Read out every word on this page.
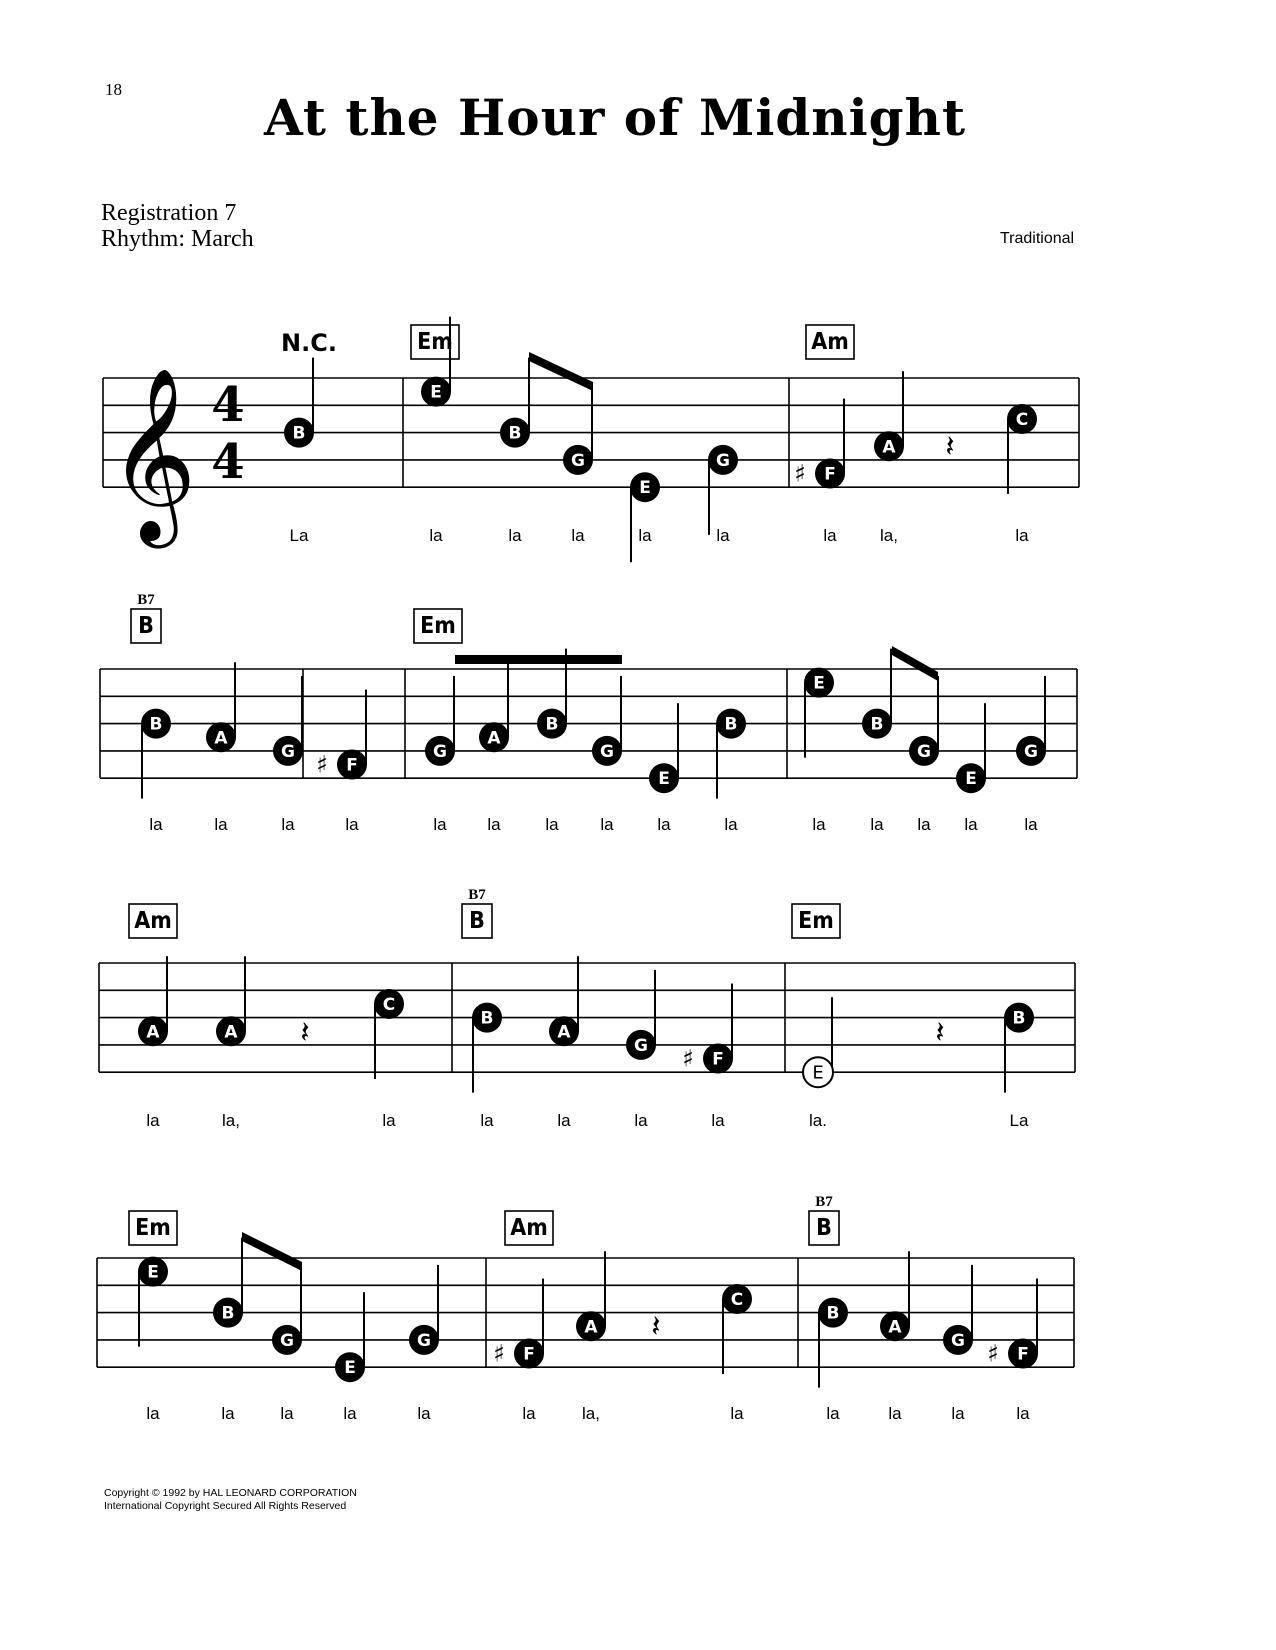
18	At the Hour of Midnight
Registration 7
Rhythm: March	Traditional
𝄞 4
4
N.C.	Em	Am
B
La
E
la
B
la
G
la
E
la
G
la
♯ F
la
A
la,
C
la
B
B7
Em
B
la
A
la
G
la
♯ F
la
G
la
A
la
B
la
G
la
E
la
B
la
E
la
B
la
G
la
E
la
G
la
Am	B
B7
Em
A
la
A
la,
C
la
B
la
A
la
G
la
♯ F
la
E
la.
B
La
Em	Am	B
B7
E
la
B
la
G
la
E
la
G
la
♯ F
la
A
la,
C
la
B
la
A
la
G
la
♯ F
la
𝄽
𝄽	𝄽
𝄽
Copyright © 1992 by HAL LEONARD CORPORATION
International Copyright Secured All Rights Reserved
